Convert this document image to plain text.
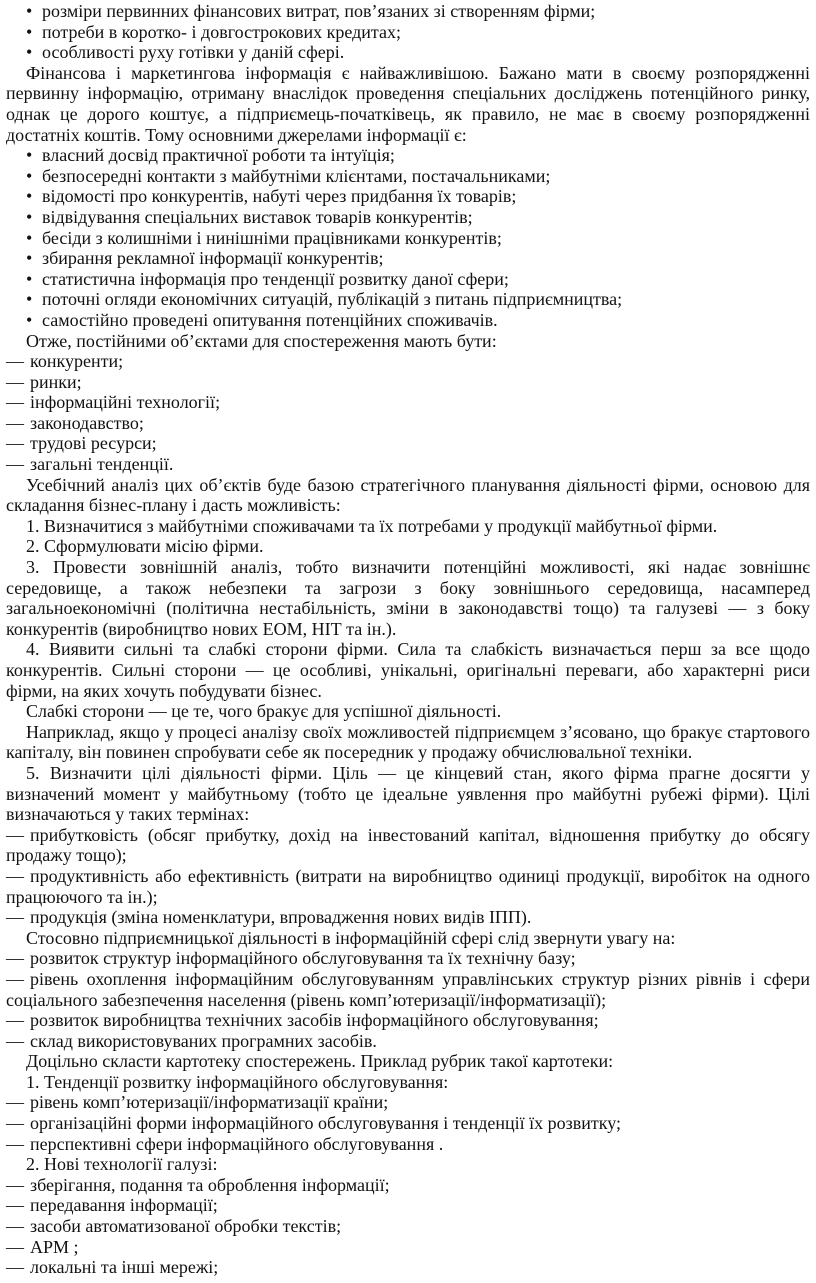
• розміри первинних фінансових витрат, пов’язаних зі створенням фірми;
• потреби в коротко- і довгострокових кредитах;
• особливості руху готівки у даній сфері.
Фінансова і маркетингова інформація є найважливішою. Бажано мати в своєму розпорядженні первинну інформацію, отриману внаслідок проведення спеціальних досліджень потенційного ринку, однак це дорого коштує, а підприємець-початківець, як правило, не має в своєму розпорядженні достатніх коштів. Тому основними джерелами інформації є:
• власний досвід практичної роботи та інтуїція;
• безпосередні контакти з майбутніми клієнтами, постачальниками;
• відомості про конкурентів, набуті через придбання їх товарів;
• відвідування спеціальних виставок товарів конкурентів;
• бесіди з колишніми і нинішніми працівниками конкурентів;
• збирання рекламної інформації конкурентів;
• статистична інформація про тенденції розвитку даної сфери;
• поточні огляди економічних ситуацій, публікацій з питань підприємництва;
• самостійно проведені опитування потенційних споживачів.
Отже, постійними об’єктами для спостереження мають бути:
— конкуренти;
— ринки;
— інформаційні технології;
— законодавство;
— трудові ресурси;
— загальні тенденції.
Усебічний аналіз цих об’єктів буде базою стратегічного планування діяльності фірми, основою для складання бізнес-плану і дасть можливість:
1. Визначитися з майбутніми споживачами та їх потребами у продукції майбутньої фірми.
2. Сформулювати місію фірми.
3. Провести зовнішній аналіз, тобто визначити потенційні можливості, які надає зовнішнє середовище, а також небезпеки та загрози з боку зовнішнього середовища, насамперед загальноекономічні (політична нестабільність, зміни в законодавстві тощо) та галузеві — з боку конкурентів (виробництво нових ЕОМ, НІТ та ін.).
4. Виявити сильні та слабкі сторони фірми. Сила та слабкість визначається перш за все щодо конкурентів. Сильні сторони — це особливі, унікальні, оригінальні переваги, або характерні риси фірми, на яких хочуть побудувати бізнес.
Слабкі сторони — це те, чого бракує для успішної діяльності.
Наприклад, якщо у процесі аналізу своїх можливостей підприємцем з’ясовано, що бракує стартового капіталу, він повинен спробувати себе як посередник у продажу обчислювальної техніки.
5. Визначити цілі діяльності фірми. Ціль — це кінцевий стан, якого фірма прагне досягти у визначений момент у майбутньому (тобто це ідеальне уявлення про майбутні рубежі фірми). Цілі визначаються у таких термінах:
— прибутковість (обсяг прибутку, дохід на інвестований капітал, відношення прибутку до обсягу продажу тощо);
— продуктивність або ефективність (витрати на виробництво одиниці продукції, виробіток на одного працюючого та ін.);
— продукція (зміна номенклатури, впровадження нових видів ІПП).
Стосовно підприємницької діяльності в інформаційній сфері слід звернути увагу на:
— розвиток структур інформаційного обслуговування та їх технічну базу;
— рівень охоплення інформаційним обслуговуванням управлінських структур різних рівнів і сфери соціального забезпечення населення (рівень комп’ютеризації/інформатизації);
— розвиток виробництва технічних засобів інформаційного обслуговування;
— склад використовуваних програмних засобів.
Доцільно скласти картотеку спостережень. Приклад рубрик такої картотеки:
1. Тенденції розвитку інформаційного обслуговування:
— рівень комп’ютеризації/інформатизації країни;
— організаційні форми інформаційного обслуговування і тенденції їх розвитку;
— перспективні сфери інформаційного обслуговування .
2. Нові технології галузі:
— зберігання, подання та оброблення інформації;
— передавання інформації;
— засоби автоматизованої обробки текстів;
— АРМ ;
— локальні та інші мережі;
